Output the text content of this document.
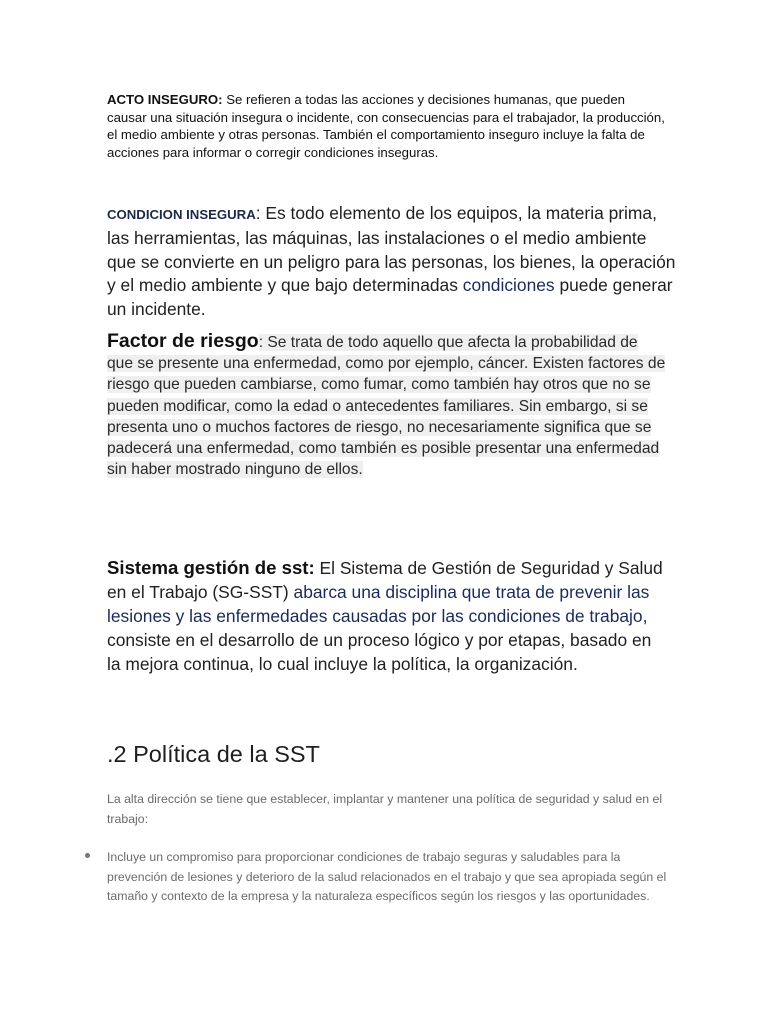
ACTO INSEGURO: Se refieren a todas las acciones y decisiones humanas, que pueden causar una situación insegura o incidente, con consecuencias para el trabajador, la producción, el medio ambiente y otras personas. También el comportamiento inseguro incluye la falta de acciones para informar o corregir condiciones inseguras.

CONDICION INSEGURA: Es todo elemento de los equipos, la materia prima, las herramientas, las máquinas, las instalaciones o el medio ambiente que se convierte en un peligro para las personas, los bienes, la operación y el medio ambiente y que bajo determinadas condiciones puede generar un incidente.

Factor de riesgo: Se trata de todo aquello que afecta la probabilidad de que se presente una enfermedad, como por ejemplo, cáncer. Existen factores de riesgo que pueden cambiarse, como fumar, como también hay otros que no se pueden modificar, como la edad o antecedentes familiares. Sin embargo, si se presenta uno o muchos factores de riesgo, no necesariamente significa que se padecerá una enfermedad, como también es posible presentar una enfermedad sin haber mostrado ninguno de ellos.

Sistema gestión de sst: El Sistema de Gestión de Seguridad y Salud en el Trabajo (SG-SST) abarca una disciplina que trata de prevenir las lesiones y las enfermedades causadas por las condiciones de trabajo, consiste en el desarrollo de un proceso lógico y por etapas, basado en la mejora continua, lo cual incluye la política, la organización.

.2 Política de la SST

La alta dirección se tiene que establecer, implantar y mantener una política de seguridad y salud en el trabajo:

Incluye un compromiso para proporcionar condiciones de trabajo seguras y saludables para la prevención de lesiones y deterioro de la salud relacionados en el trabajo y que sea apropiada según el tamaño y contexto de la empresa y la naturaleza específicos según los riesgos y las oportunidades.
